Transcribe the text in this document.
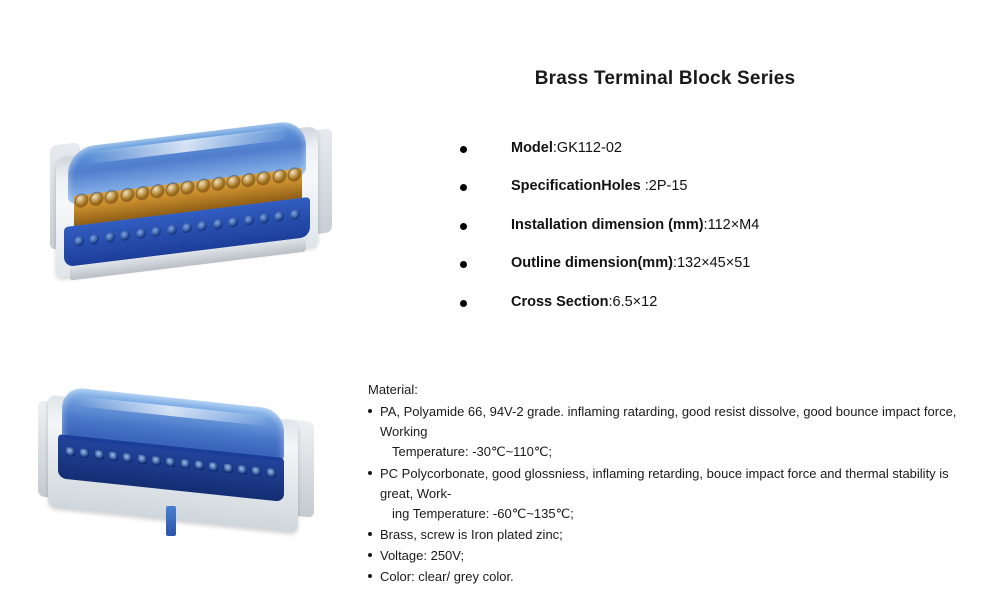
Brass Terminal Block Series
Model:GK112-02
SpecificationHoles :2P-15
Installation dimension (mm):112×M4
Outline dimension(mm):132×45×51
Cross Section:6.5×12
Material:
PA, Polyamide 66, 94V-2 grade. inflaming ratarding, good resist dissolve, good bounce impact force, Working
Temperature: -30℃~110℃;
PC Polycorbonate, good glossniess, inflaming retarding, bouce impact force and thermal stability is great, Work-
ing Temperature: -60℃~135℃;
Brass, screw is Iron plated zinc;
Voltage: 250V;
Color: clear/ grey color.
